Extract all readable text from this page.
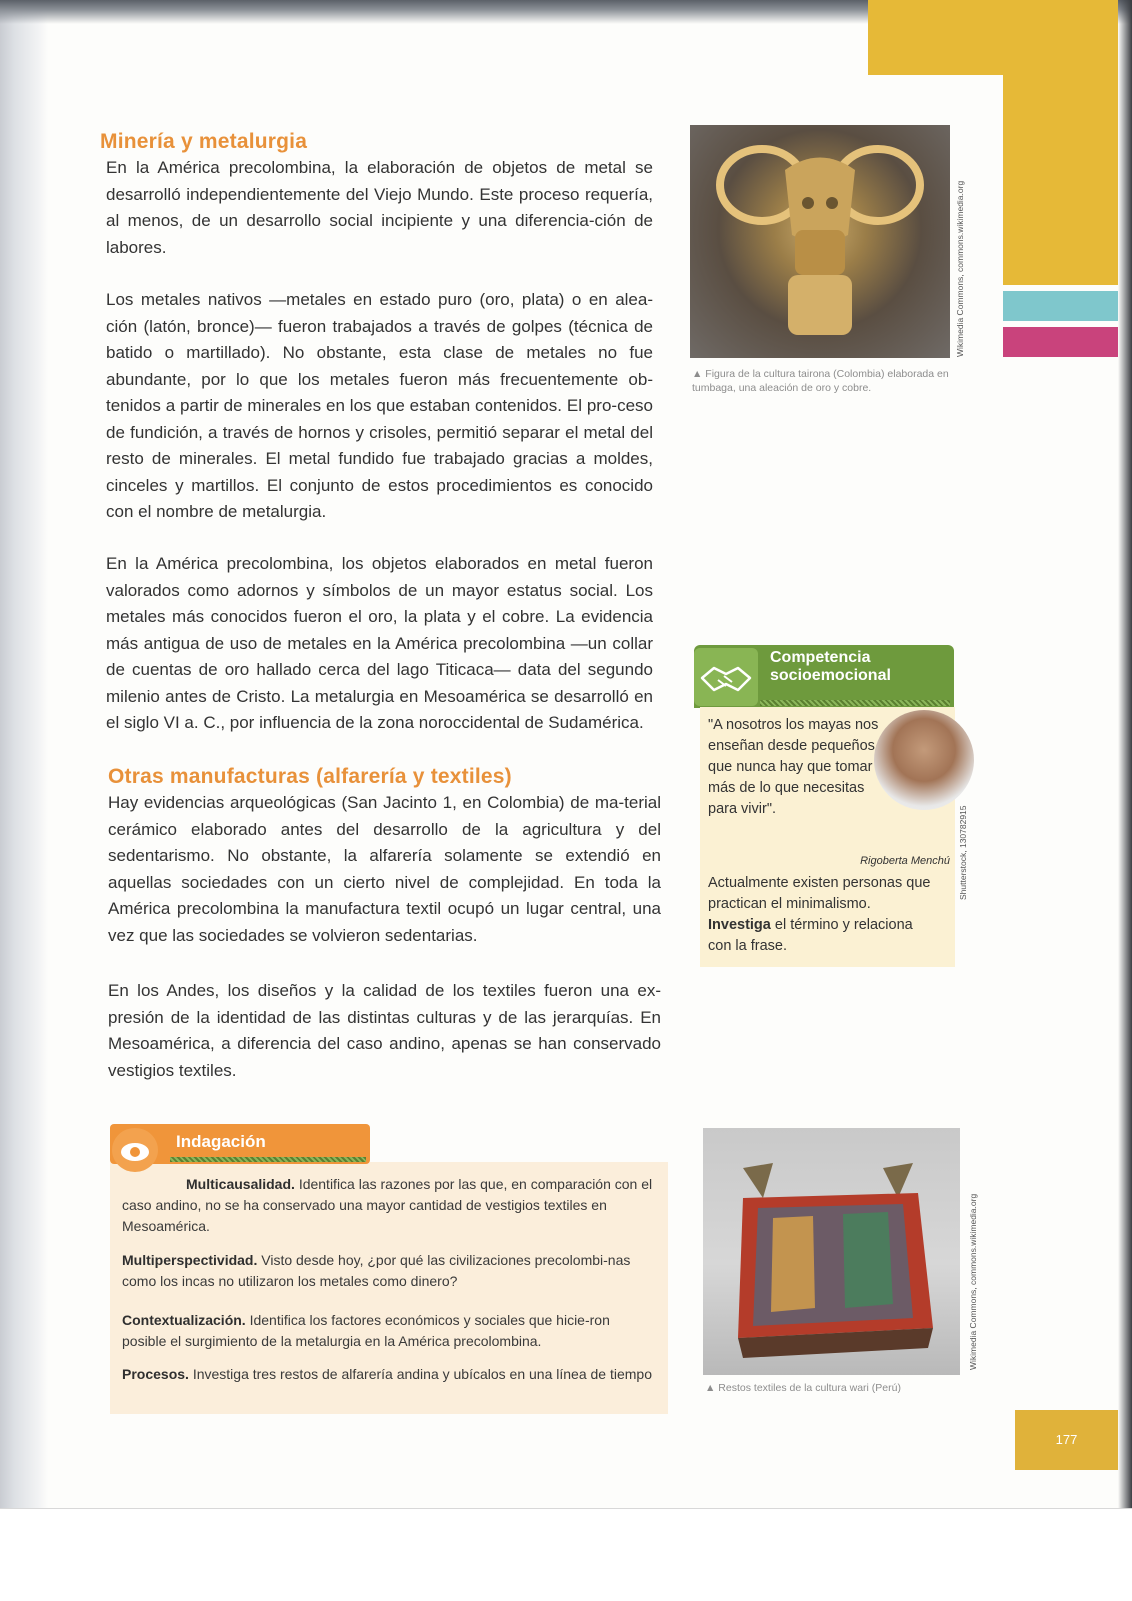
177
Minería y metalurgia
En la América precolombina, la elaboración de objetos de metal se desarrolló independientemente del Viejo Mundo. Este proceso requería, al menos, de un desarrollo social incipiente y una diferencia-ción de labores.
Los metales nativos —metales en estado puro (oro, plata) o en alea-ción (latón, bronce)— fueron trabajados a través de golpes (técnica de batido o martillado). No obstante, esta clase de metales no fue abundante, por lo que los metales fueron más frecuentemente ob-tenidos a partir de minerales en los que estaban contenidos. El pro-ceso de fundición, a través de hornos y crisoles, permitió separar el metal del resto de minerales. El metal fundido fue trabajado gracias a moldes, cinceles y martillos. El conjunto de estos procedimientos es conocido con el nombre de metalurgia.
En la América precolombina, los objetos elaborados en metal fueron valorados como adornos y símbolos de un mayor estatus social. Los metales más conocidos fueron el oro, la plata y el cobre. La evidencia más antigua de uso de metales en la América precolombina —un collar de cuentas de oro hallado cerca del lago Titicaca— data del segundo milenio antes de Cristo. La metalurgia en Mesoamérica se desarrolló en el siglo VI a. C., por influencia de la zona noroccidental de Sudamérica.
Otras manufacturas (alfarería y textiles)
Hay evidencias arqueológicas (San Jacinto 1, en Colombia) de ma-terial cerámico elaborado antes del desarrollo de la agricultura y del sedentarismo. No obstante, la alfarería solamente se extendió en aquellas sociedades con un cierto nivel de complejidad. En toda la América precolombina la manufactura textil ocupó un lugar central, una vez que las sociedades se volvieron sedentarias.
En los Andes, los diseños y la calidad de los textiles fueron una ex-presión de la identidad de las distintas culturas y de las jerarquías. En Mesoamérica, a diferencia del caso andino, apenas se han conservado vestigios textiles.
Wikimedia Commons, commons.wikimedia.org
▲ Figura de la cultura tairona (Colombia) elaborada en tumbaga, una aleación de oro y cobre.
Competencia
socioemocional
"A nosotros los mayas nos enseñan desde pequeños que nunca hay que tomar más de lo que necesitas para vivir".
Rigoberta Menchú
Actualmente existen personas que practican el minimalismo. Investiga el término y relaciona con la frase.
Shutterstock, 130782915
Multicausalidad. Identifica las razones por las que, en comparación con el caso andino, no se ha conservado una mayor cantidad de vestigios textiles en Mesoamérica.
Multiperspectividad. Visto desde hoy, ¿por qué las civilizaciones precolombi-nas como los incas no utilizaron los metales como dinero?
Contextualización. Identifica los factores económicos y sociales que hicie-ron posible el surgimiento de la metalurgia en la América precolombina.
Procesos. Investiga tres restos de alfarería andina y ubícalos en una línea de tiempo
Indagación
Wikimedia Commons, commons.wikimedia.org
▲ Restos textiles de la cultura wari (Perú)
